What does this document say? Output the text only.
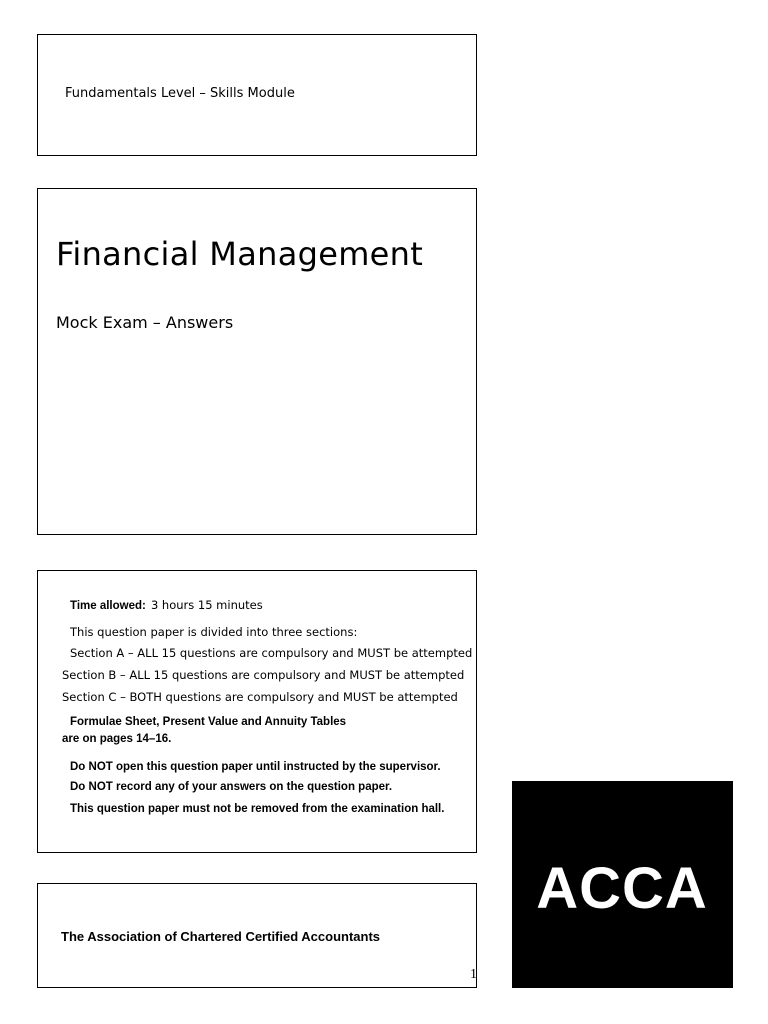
Fundamentals Level – Skills Module
Financial Management
Mock Exam – Answers
Time allowed: 3 hours 15 minutes
This question paper is divided into three sections:
Section A – ALL 15 questions are compulsory and MUST be attempted
Section B – ALL 15 questions are compulsory and MUST be attempted
Section C – BOTH questions are compulsory and MUST be attempted
Formulae Sheet, Present Value and Annuity Tables
are on pages 14–16.
Do NOT open this question paper until instructed by the supervisor.
Do NOT record any of your answers on the question paper.
This question paper must not be removed from the examination hall.
The Association of Chartered Certified Accountants
1
ACCA
